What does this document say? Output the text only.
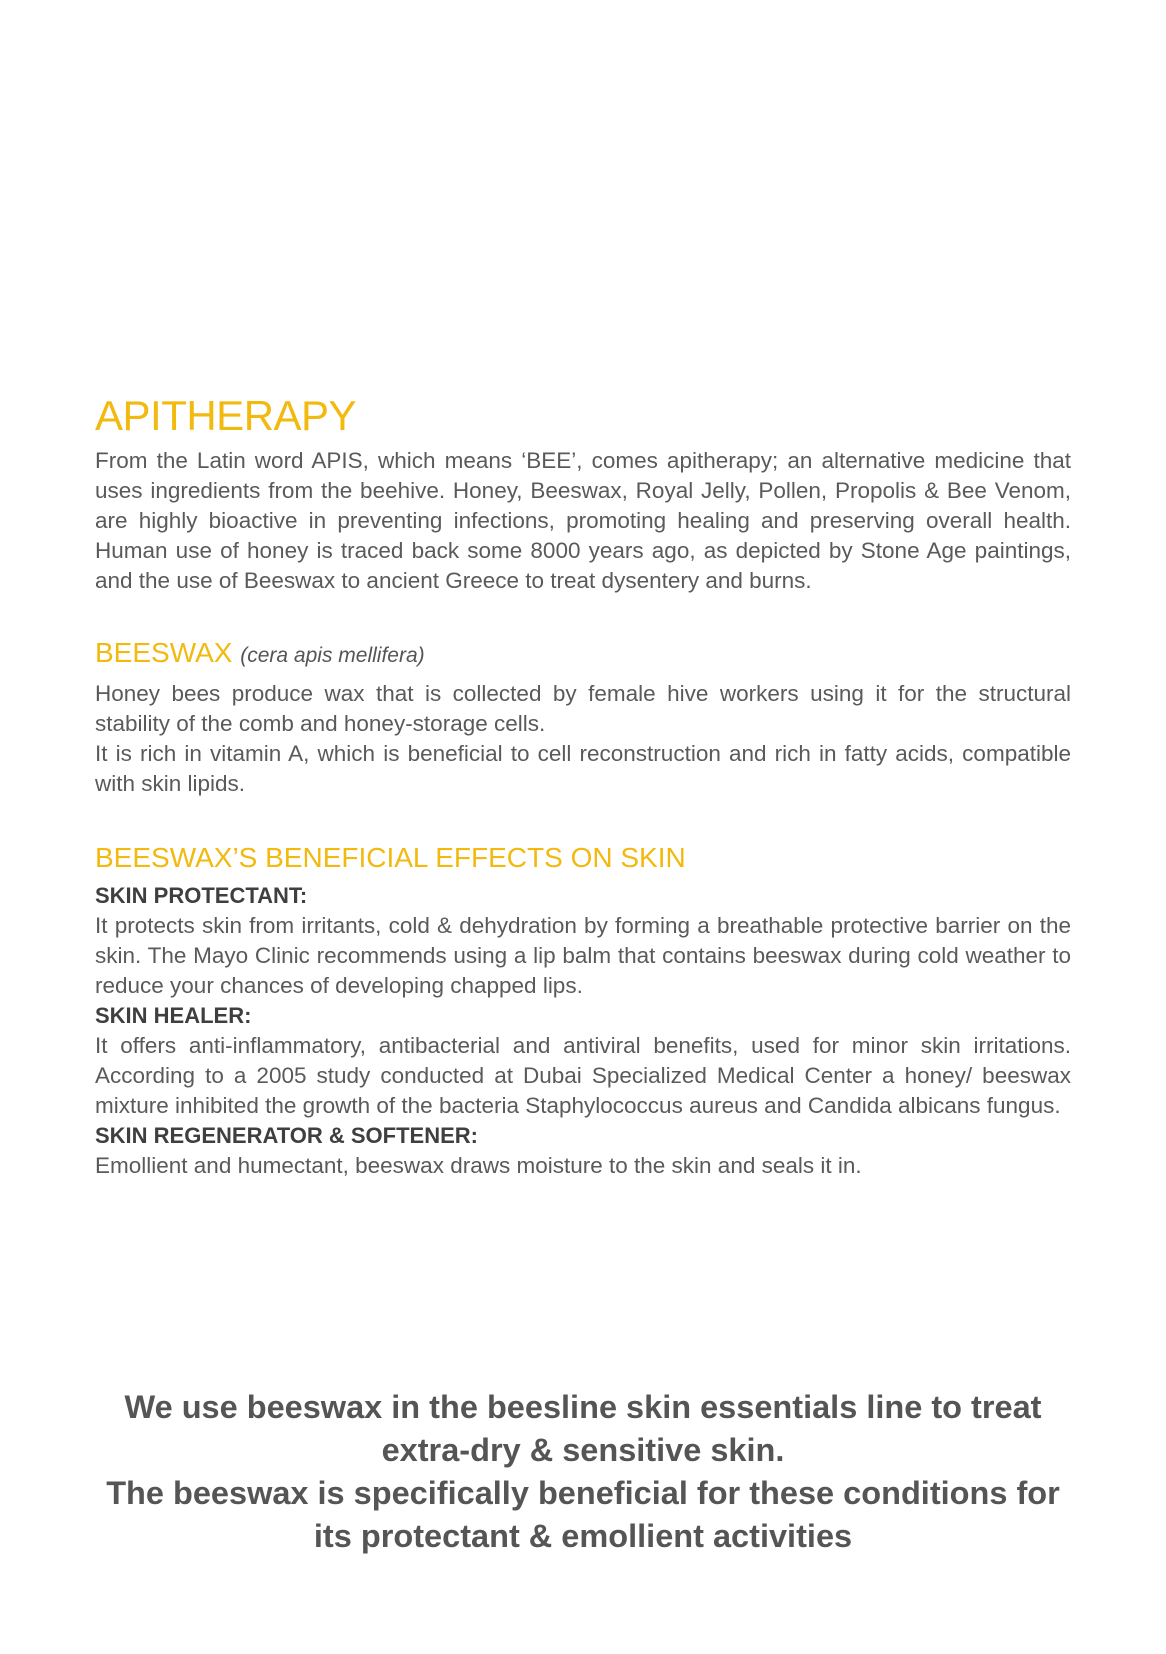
APITHERAPY

From the Latin word APIS, which means ‘BEE’, comes apitherapy; an alternative medicine that uses ingredients from the beehive. Honey, Beeswax, Royal Jelly, Pollen, Propolis & Bee Venom, are highly bioactive in preventing infections, promoting healing and preserving overall health. Human use of honey is traced back some 8000 years ago, as depicted by Stone Age paintings, and the use of Beeswax to ancient Greece to treat dysentery and burns.

BEESWAX (cera apis mellifera)

Honey bees produce wax that is collected by female hive workers using it for the structural stability of the comb and honey-storage cells.

It is rich in vitamin A, which is beneficial to cell reconstruction and rich in fatty acids, compatible with skin lipids.

BEESWAX’S BENEFICIAL EFFECTS ON SKIN

SKIN PROTECTANT:

It protects skin from irritants, cold & dehydration by forming a breathable protective barrier on the skin. The Mayo Clinic recommends using a lip balm that contains beeswax during cold weather to reduce your chances of developing chapped lips.

SKIN HEALER:

It offers anti-inflammatory, antibacterial and antiviral benefits, used for minor skin irritations. According to a 2005 study conducted at Dubai Specialized Medical Center a honey/ beeswax mixture inhibited the growth of the bacteria Staphylococcus aureus and Candida albicans fungus.

SKIN REGENERATOR & SOFTENER:

Emollient and humectant, beeswax draws moisture to the skin and seals it in.

We use beeswax in the beesline skin essentials line to treat extra-dry & sensitive skin.

The beeswax is specifically beneficial for these conditions for its protectant & emollient activities
